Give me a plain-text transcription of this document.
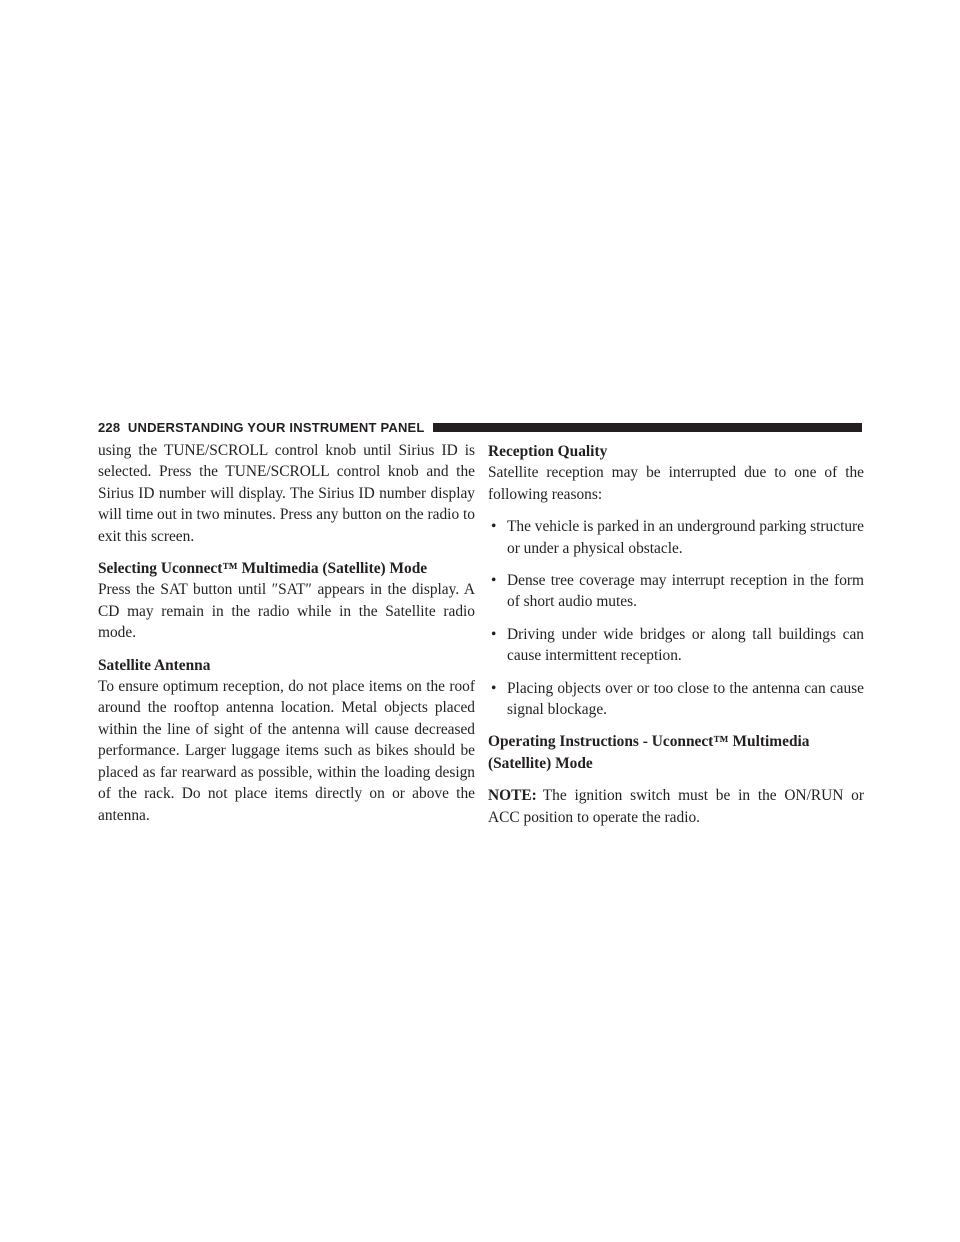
228 UNDERSTANDING YOUR INSTRUMENT PANEL

using the TUNE/SCROLL control knob until Sirius ID is selected. Press the TUNE/SCROLL control knob and the Sirius ID number will display. The Sirius ID number display will time out in two minutes. Press any button on the radio to exit this screen.

Selecting Uconnect™ Multimedia (Satellite) Mode

Press the SAT button until ″SAT″ appears in the display. A CD may remain in the radio while in the Satellite radio mode.

Satellite Antenna

To ensure optimum reception, do not place items on the roof around the rooftop antenna location. Metal objects placed within the line of sight of the antenna will cause decreased performance. Larger luggage items such as bikes should be placed as far rearward as possible, within the loading design of the rack. Do not place items directly on or above the antenna.

Reception Quality

Satellite reception may be interrupted due to one of the following reasons:

• The vehicle is parked in an underground parking structure or under a physical obstacle.
• Dense tree coverage may interrupt reception in the form of short audio mutes.
• Driving under wide bridges or along tall buildings can cause intermittent reception.
• Placing objects over or too close to the antenna can cause signal blockage.
Operating Instructions - Uconnect™ Multimedia (Satellite) Mode

NOTE: The ignition switch must be in the ON/RUN or ACC position to operate the radio.
